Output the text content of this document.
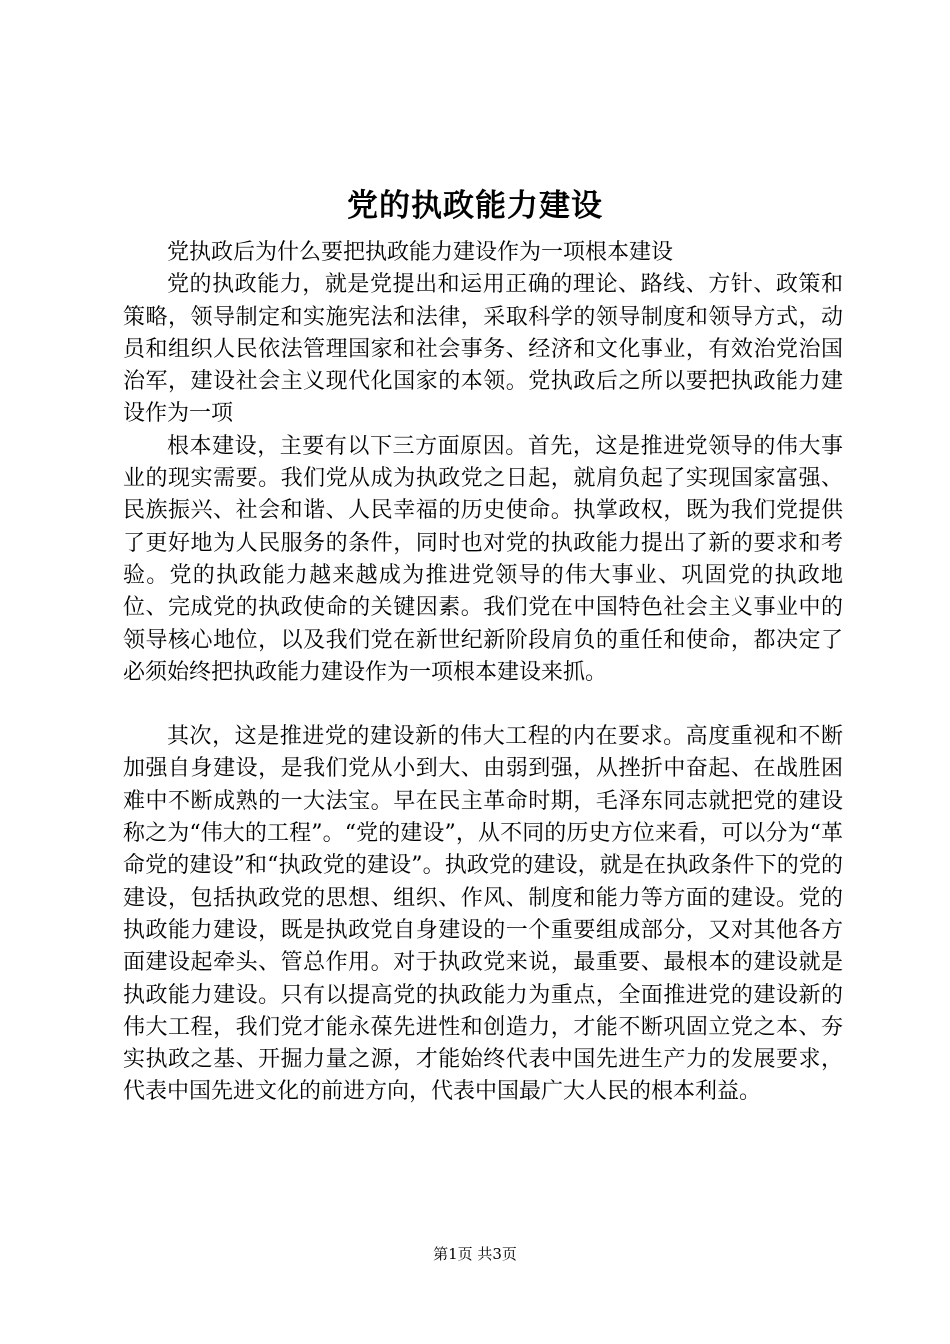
党的执政能力建设

党执政后为什么要把执政能力建设作为一项根本建设

党的执政能力，就是党提出和运用正确的理论、路线、方针、政策和策略，领导制定和实施宪法和法律，采取科学的领导制度和领导方式，动员和组织人民依法管理国家和社会事务、经济和文化事业，有效治党治国治军，建设社会主义现代化国家的本领。党执政后之所以要把执政能力建设作为一项

根本建设，主要有以下三方面原因。首先，这是推进党领导的伟大事业的现实需要。我们党从成为执政党之日起，就肩负起了实现国家富强、民族振兴、社会和谐、人民幸福的历史使命。执掌政权，既为我们党提供了更好地为人民服务的条件，同时也对党的执政能力提出了新的要求和考验。党的执政能力越来越成为推进党领导的伟大事业、巩固党的执政地位、完成党的执政使命的关键因素。我们党在中国特色社会主义事业中的领导核心地位，以及我们党在新世纪新阶段肩负的重任和使命，都决定了必须始终把执政能力建设作为一项根本建设来抓。

其次，这是推进党的建设新的伟大工程的内在要求。高度重视和不断加强自身建设，是我们党从小到大、由弱到强，从挫折中奋起、在战胜困难中不断成熟的一大法宝。早在民主革命时期，毛泽东同志就把党的建设称之为“伟大的工程”。“党的建设”，从不同的历史方位来看，可以分为“革命党的建设”和“执政党的建设”。执政党的建设，就是在执政条件下的党的建设，包括执政党的思想、组织、作风、制度和能力等方面的建设。党的执政能力建设，既是执政党自身建设的一个重要组成部分，又对其他各方面建设起牵头、管总作用。对于执政党来说，最重要、最根本的建设就是执政能力建设。只有以提高党的执政能力为重点，全面推进党的建设新的伟大工程，我们党才能永葆先进性和创造力，才能不断巩固立党之本、夯实执政之基、开掘力量之源，才能始终代表中国先进生产力的发展要求，代表中国先进文化的前进方向，代表中国最广大人民的根本利益。

第1页 共3页
